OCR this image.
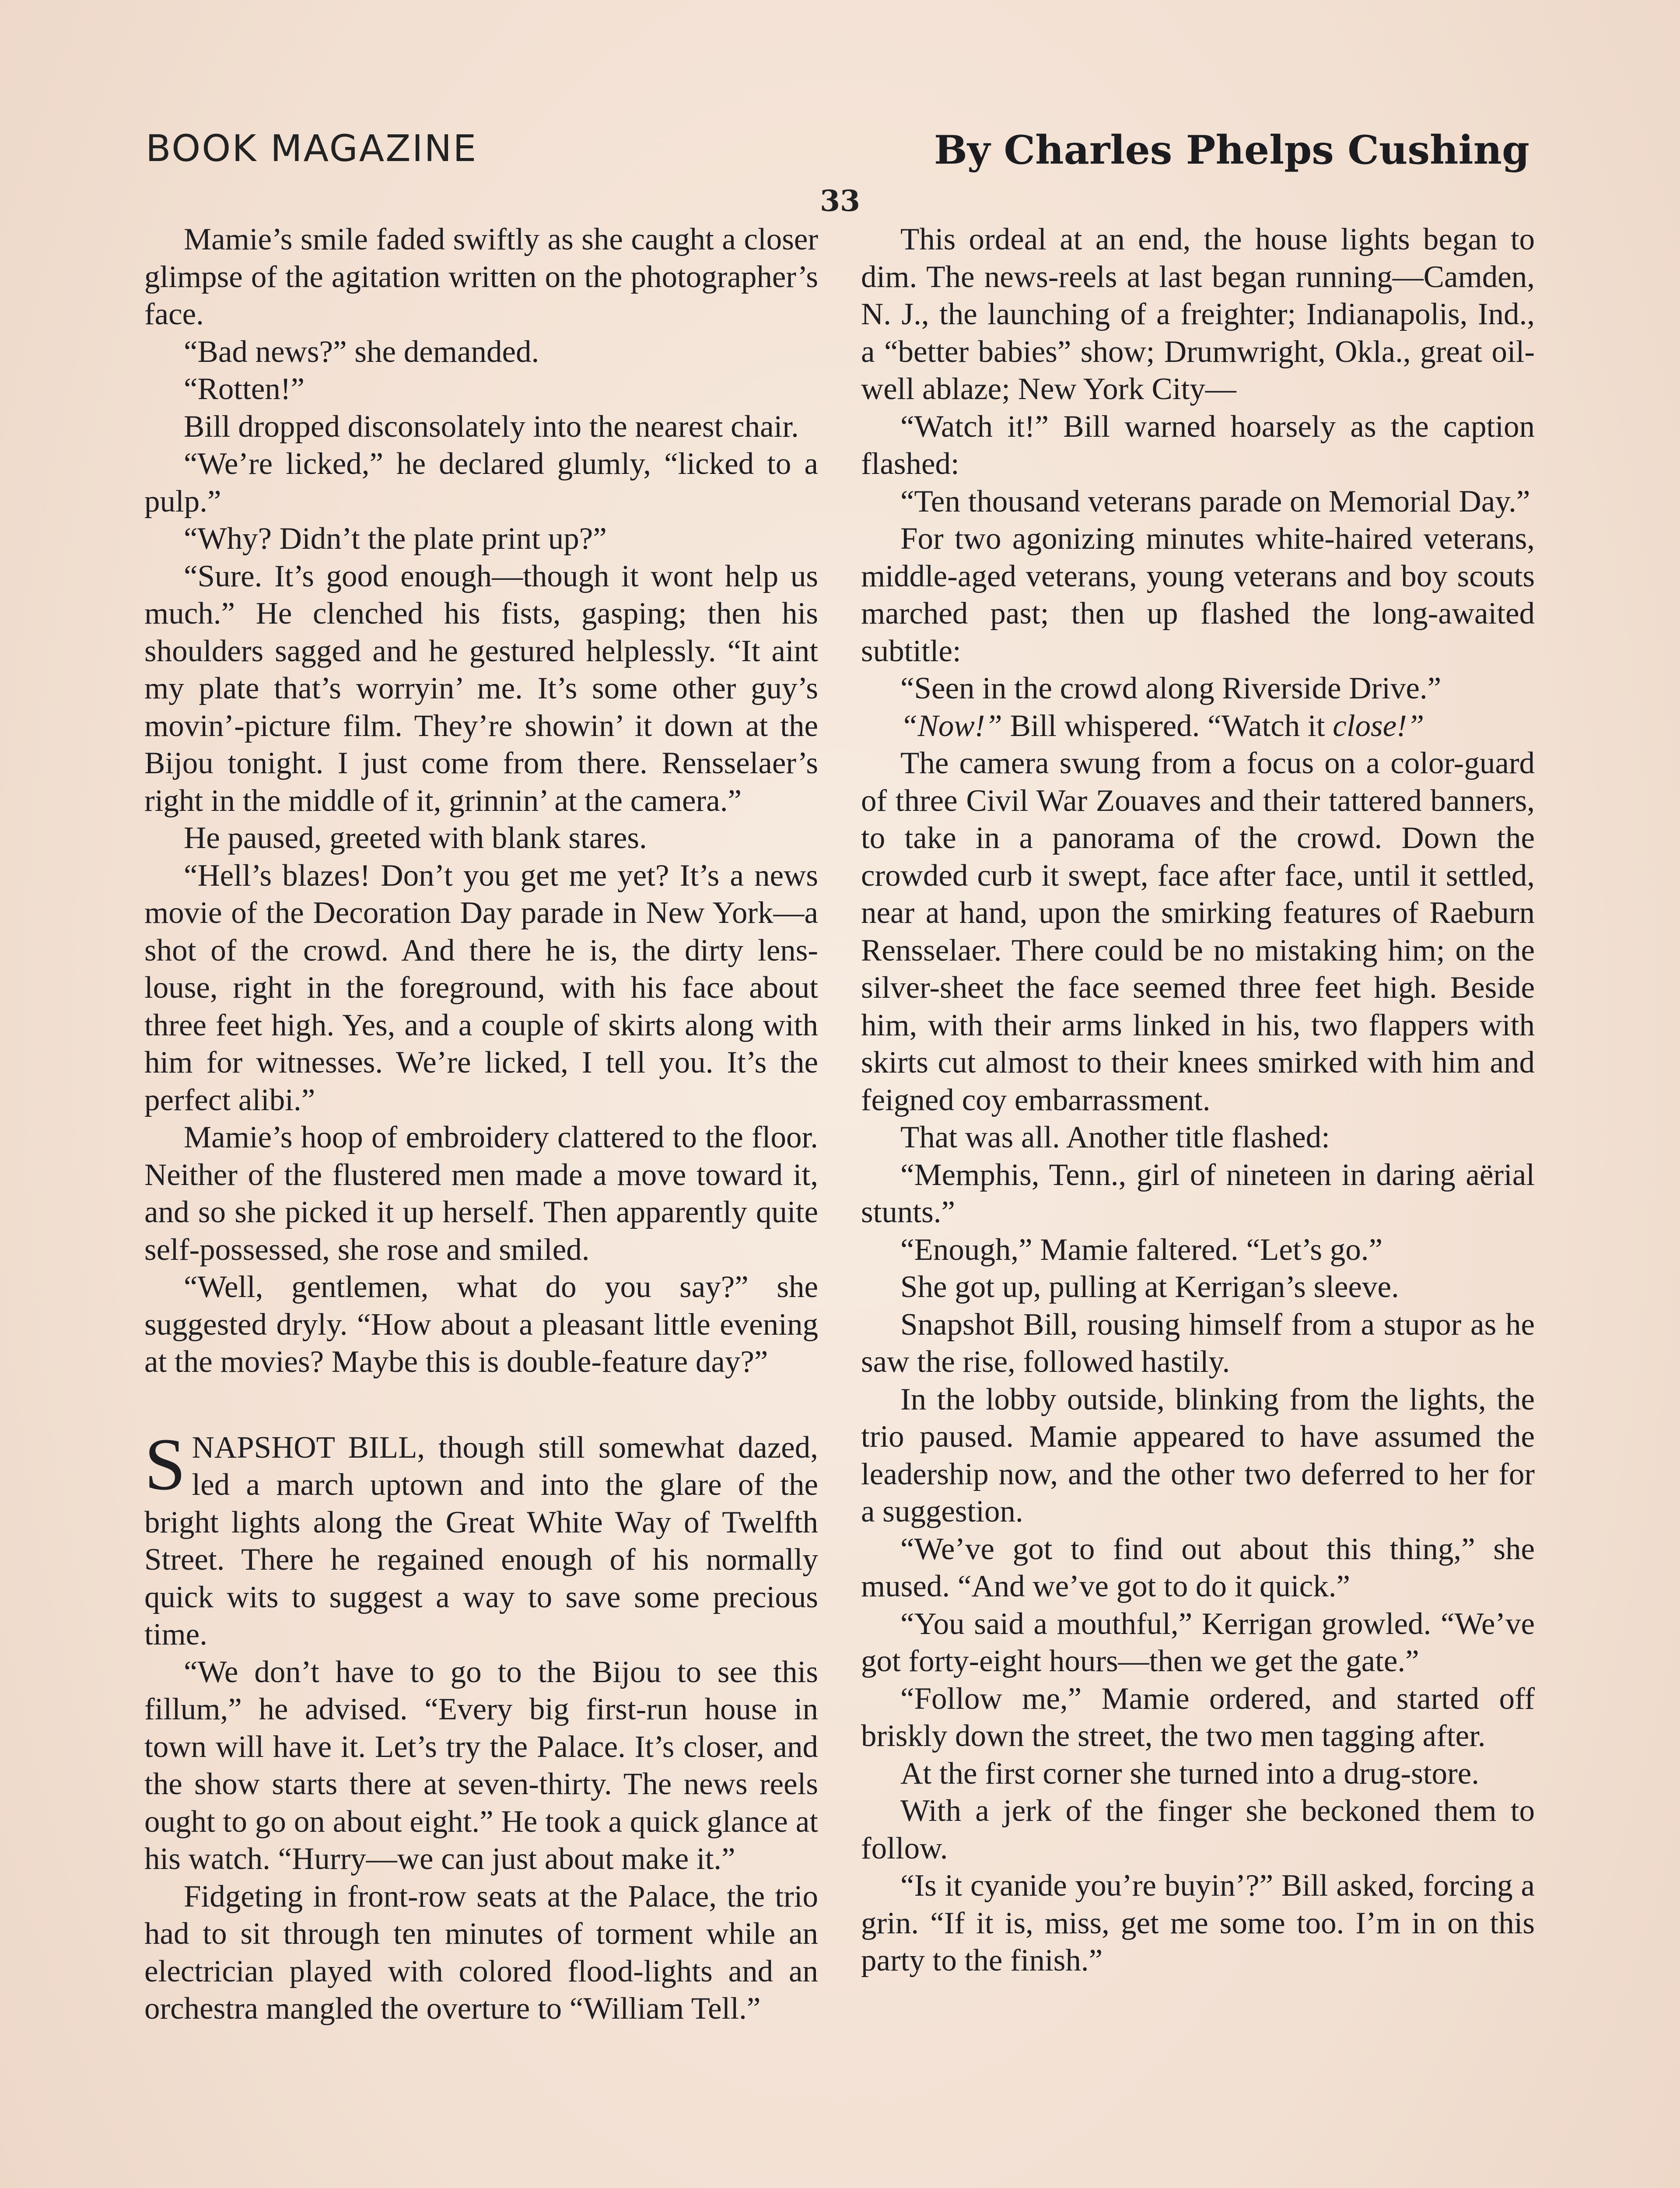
BOOK MAGAZINE	By Charles Phelps Cushing
33

Mamie’s smile faded swiftly as she caught a closer glimpse of the agitation written on the photographer’s face.

“Bad news?” she demanded.

“Rotten!”

Bill dropped disconsolately into the nearest chair.

“We’re licked,” he declared glumly, “licked to a pulp.”

“Why? Didn’t the plate print up?”

“Sure. It’s good enough—though it wont help us much.” He clenched his fists, gasping; then his shoulders sagged and he gestured helplessly. “It aint my plate that’s worryin’ me. It’s some other guy’s movin’-picture film. They’re showin’ it down at the Bijou tonight. I just come from there. Rensselaer’s right in the middle of it, grinnin’ at the camera.”

He paused, greeted with blank stares.

“Hell’s blazes! Don’t you get me yet? It’s a news movie of the Decoration Day parade in New York—a shot of the crowd. And there he is, the dirty lens-louse, right in the foreground, with his face about three feet high. Yes, and a couple of skirts along with him for witnesses. We’re licked, I tell you. It’s the perfect alibi.”

Mamie’s hoop of embroidery clattered to the floor. Neither of the flustered men made a move toward it, and so she picked it up herself. Then apparently quite self-possessed, she rose and smiled.

“Well, gentlemen, what do you say?” she suggested dryly. “How about a pleasant little evening at the movies? Maybe this is double-feature day?”

SNAPSHOT BILL, though still somewhat dazed, led a march uptown and into the glare of the bright lights along the Great White Way of Twelfth Street. There he regained enough of his normally quick wits to suggest a way to save some precious time.

“We don’t have to go to the Bijou to see this fillum,” he advised. “Every big first-run house in town will have it. Let’s try the Palace. It’s closer, and the show starts there at seven-thirty. The news reels ought to go on about eight.” He took a quick glance at his watch. “Hurry—we can just about make it.”

Fidgeting in front-row seats at the Palace, the trio had to sit through ten minutes of torment while an electrician played with colored flood-lights and an orchestra mangled the overture to “William Tell.”

This ordeal at an end, the house lights began to dim. The news-reels at last began running—Camden, N. J., the launching of a freighter; Indianapolis, Ind., a “better babies” show; Drumwright, Okla., great oil-well ablaze; New York City—

“Watch it!” Bill warned hoarsely as the caption flashed:

“Ten thousand veterans parade on Memorial Day.”

For two agonizing minutes white-haired veterans, middle-aged veterans, young veterans and boy scouts marched past; then up flashed the long-awaited subtitle:

“Seen in the crowd along Riverside Drive.”

“Now!” Bill whispered. “Watch it close!”

The camera swung from a focus on a color-guard of three Civil War Zouaves and their tattered banners, to take in a panorama of the crowd. Down the crowded curb it swept, face after face, until it settled, near at hand, upon the smirking features of Raeburn Rensselaer. There could be no mistaking him; on the silver-sheet the face seemed three feet high. Beside him, with their arms linked in his, two flappers with skirts cut almost to their knees smirked with him and feigned coy embarrassment.

That was all. Another title flashed:

“Memphis, Tenn., girl of nineteen in daring aërial stunts.”

“Enough,” Mamie faltered. “Let’s go.”

She got up, pulling at Kerrigan’s sleeve.

Snapshot Bill, rousing himself from a stupor as he saw the rise, followed hastily.

In the lobby outside, blinking from the lights, the trio paused. Mamie appeared to have assumed the leadership now, and the other two deferred to her for a suggestion.

“We’ve got to find out about this thing,” she mused. “And we’ve got to do it quick.”

“You said a mouthful,” Kerrigan growled. “We’ve got forty-eight hours—then we get the gate.”

“Follow me,” Mamie ordered, and started off briskly down the street, the two men tagging after.

At the first corner she turned into a drug-store.

With a jerk of the finger she beckoned them to follow.

“Is it cyanide you’re buyin’?” Bill asked, forcing a grin. “If it is, miss, get me some too. I’m in on this party to the finish.”
